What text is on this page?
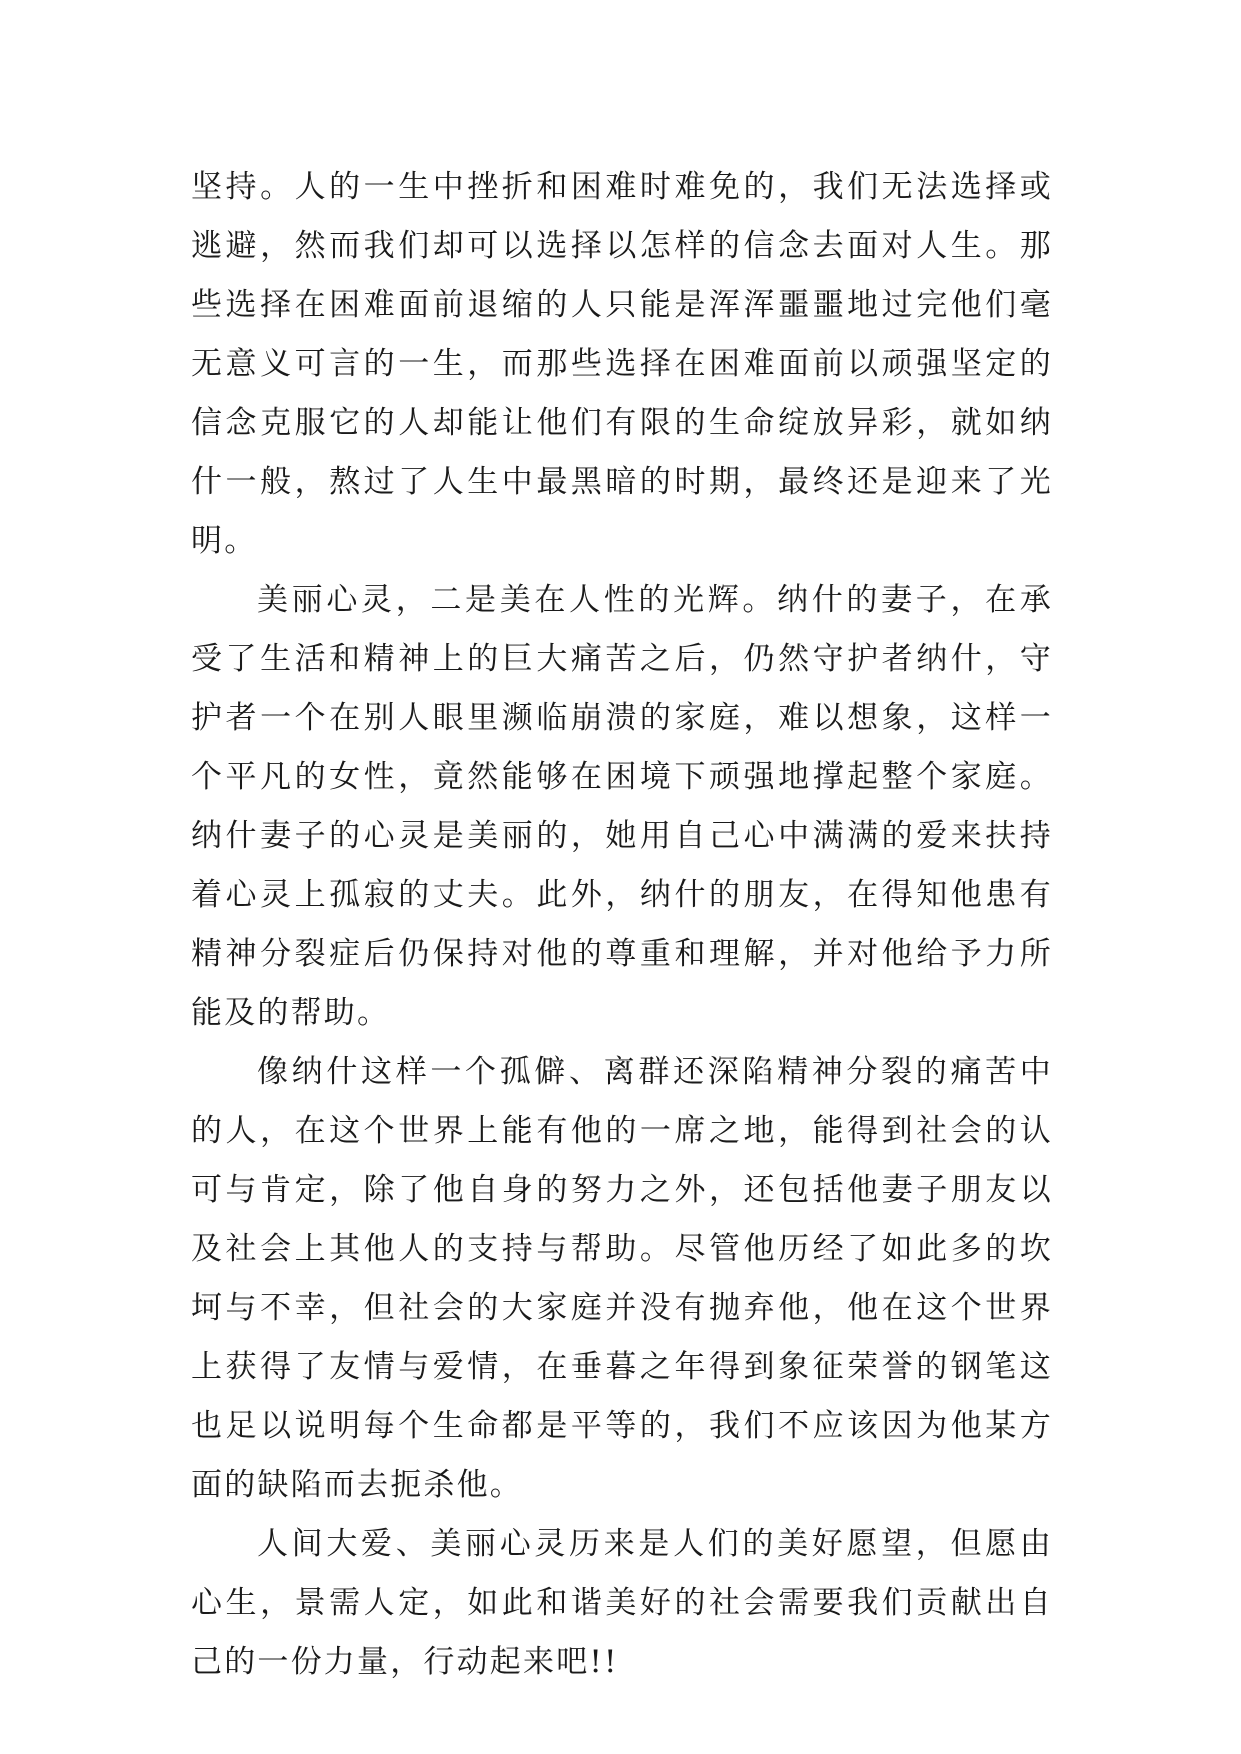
坚持。人的一生中挫折和困难时难免的，我们无法选择或逃避，然而我们却可以选择以怎样的信念去面对人生。那些选择在困难面前退缩的人只能是浑浑噩噩地过完他们毫无意义可言的一生，而那些选择在困难面前以顽强坚定的信念克服它的人却能让他们有限的生命绽放异彩，就如纳什一般，熬过了人生中最黑暗的时期，最终还是迎来了光明。

美丽心灵，二是美在人性的光辉。纳什的妻子，在承受了生活和精神上的巨大痛苦之后，仍然守护者纳什，守护者一个在别人眼里濒临崩溃的家庭，难以想象，这样一个平凡的女性，竟然能够在困境下顽强地撑起整个家庭。纳什妻子的心灵是美丽的，她用自己心中满满的爱来扶持着心灵上孤寂的丈夫。此外，纳什的朋友，在得知他患有精神分裂症后仍保持对他的尊重和理解，并对他给予力所能及的帮助。

像纳什这样一个孤僻、离群还深陷精神分裂的痛苦中的人，在这个世界上能有他的一席之地，能得到社会的认可与肯定，除了他自身的努力之外，还包括他妻子朋友以及社会上其他人的支持与帮助。尽管他历经了如此多的坎坷与不幸，但社会的大家庭并没有抛弃他，他在这个世界上获得了友情与爱情，在垂暮之年得到象征荣誉的钢笔这也足以说明每个生命都是平等的，我们不应该因为他某方面的缺陷而去扼杀他。

人间大爱、美丽心灵历来是人们的美好愿望，但愿由心生，景需人定，如此和谐美好的社会需要我们贡献出自己的一份力量，行动起来吧!!
